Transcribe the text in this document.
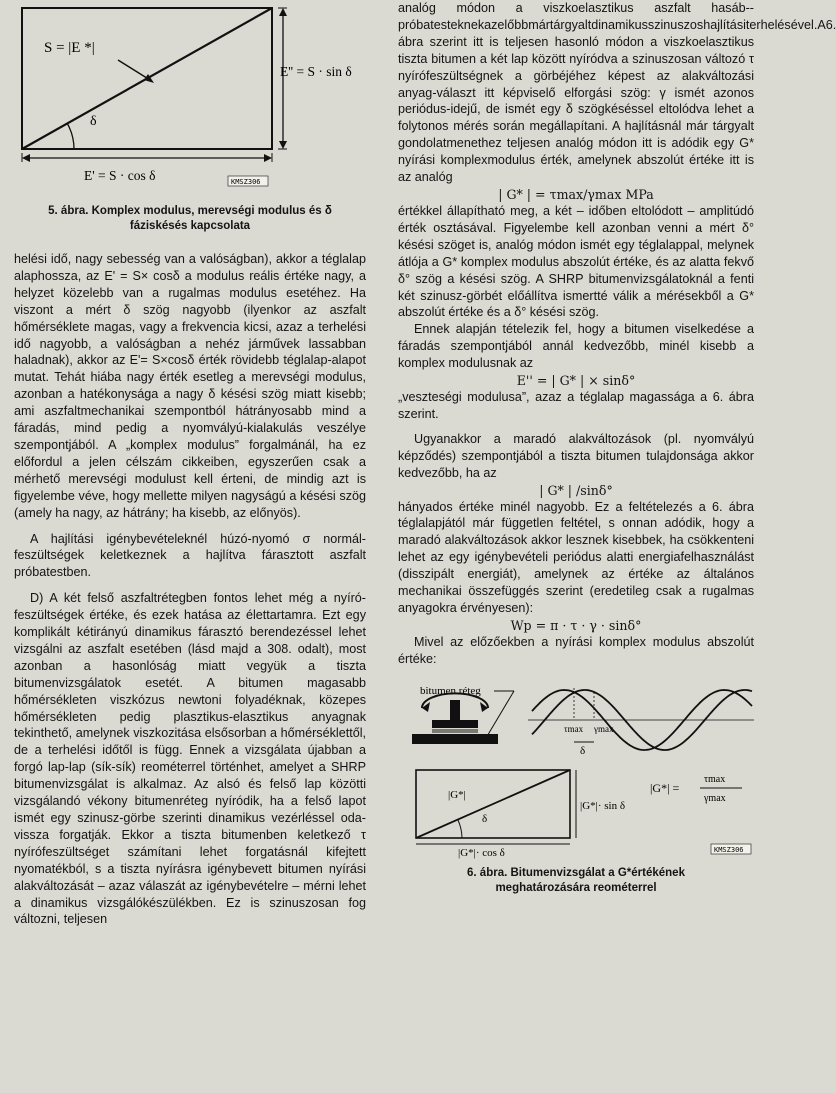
S = |E *|
δ
E'' = S · sin δ
E' = S · cos δ	KMSZ306

5. ábra. Komplex modulus, merevségi modulus és δ

fáziskésés kapcsolata

helési idő, nagy sebesség van a valóságban), akkor a téglalap alaphossza, az E' = S× cosδ a modulus reális értéke nagy, a helyzet közelebb van a rugalmas modulus esetéhez. Ha viszont a mért δ szög nagyobb (ilyenkor az aszfalt hőmérséklete magas, vagy a frekvencia kicsi, azaz a terhelési idő nagyobb, a valóságban a nehéz járművek lassabban haladnak), akkor az E'= S×cosδ érték rövidebb téglalap-alapot mutat. Tehát hiába nagy érték esetleg a merevségi modulus, azonban a hatékonysága a nagy δ késési szög miatt kisebb; ami aszfaltmechanikai szempontból hátrányosabb mind a fáradás, mind pedig a nyomvályú-kialakulás veszélye szempontjából. A „komplex modulus” forgalmánál, ha ez előfordul a jelen célszám cikkeiben, egyszerűen csak a mérhető merevségi modulust kell érteni, de mindig azt is figyelembe véve, hogy mellette milyen nagyságú a késési szög (amely ha nagy, az hátrány; ha kisebb, az előnyös).

A hajlítási igénybevételeknél húzó-nyomó σ normál-feszültségek keletkeznek a hajlítva fárasztott aszfalt próbatestben.

D) A két felső aszfaltrétegben fontos lehet még a nyíró-feszültségek értéke, és ezek hatása az élettartamra. Ezt egy komplikált kétirányú dinamikus fárasztó berendezéssel lehet vizsgálni az aszfalt esetében (lásd majd a 308. odalt), most azonban a hasonlóság miatt vegyük a tiszta bitumenvizsgálatok esetét. A bitumen magasabb hőmérsékleten viszkózus newtoni folyadéknak, közepes hőmérsékleten pedig plasztikus-elasztikus anyagnak tekinthető, amelynek viszkozitása elsősorban a hőmérséklettől, de a terhelési időtől is függ. Ennek a vizsgálata újabban a forgó lap-lap (sík-sík) reométerrel történhet, amelyet a SHRP bitumenvizsgálat is alkalmaz. Az alsó és felső lap közötti vizsgálandó vékony bitumenréteg nyíródik, ha a felső lapot ismét egy szinusz-görbe szerinti dinamikus vezérléssel oda-vissza forgatják. Ekkor a tiszta bitumenben keletkező τ nyírófeszültséget számítani lehet forgatásnál kifejtett nyomatékból, s a tiszta nyírásra igénybevett bitumen nyírási alakváltozását – azaz válaszát az igénybevételre – mérni lehet a dinamikus vizsgálókészülékben. Ez is szinuszosan fog változni, teljesen

analóg módon a viszkoelasztikus aszfalt hasáb-- próbatesteknekazelőbbmártárgyaltdinamikusszinuszoshajlításiterhelésével.A6. ábra szerint itt is teljesen hasonló módon a viszkoelasztikus tiszta bitumen a két lap között nyíródva a szinuszosan változó τ nyírófeszültségnek a görbéjéhez képest az alakváltozási anyag-választ itt képviselő elforgási szög: γ ismét azonos periódus-idejű, de ismét egy δ szögkéséssel eltolódva lehet a folytonos mérés során megállapítani. A hajlításnál már tárgyalt gondolatmenethez teljesen analóg módon itt is adódik egy G* nyírási komplexmodulus érték, amelynek abszolút értéke itt is az analóg

| G* | = τmax/γmax MPa

értékkel állapítható meg, a két – időben eltolódott – amplitúdó érték osztásával. Figyelembe kell azonban venni a mért δ° késési szöget is, analóg módon ismét egy téglalappal, melynek átlója a G* komplex modulus abszolút értéke, és az alatta fekvő δ° szög a késési szög. A SHRP bitumenvizsgálatoknál a fenti két szinusz-görbét előállítva ismertté válik a mérésekből a G* abszolút értéke és a δ° késési szög.

Ennek alapján tételezik fel, hogy a bitumen viselkedése a fáradás szempontjából annál kedvezőbb, minél kisebb a komplex modulusnak az

E'' = | G* | × sinδ°

„veszteségi modulusa”, azaz a téglalap magassága a 6. ábra szerint.

Ugyanakkor a maradó alakváltozások (pl. nyomvályú képződés) szempontjából a tiszta bitumen tulajdonsága akkor kedvezőbb, ha az

| G* | /sinδ°

hányados értéke minél nagyobb. Ez a feltételezés a 6. ábra téglalapjától már független feltétel, s onnan adódik, hogy a maradó alakváltozások akkor lesznek kisebbek, ha csökkenteni lehet az egy igénybevételi periódus alatti energiafelhasználást (disszipált energiát), amelynek az értéke az általános mechanikai összefüggés szerint (eredetileg csak a rugalmas anyagokra érvényesen):

Wp = π · τ · γ · sinδ°

Mivel az előzőekben a nyírási komplex modulus abszolút értéke:

bitumen réteg
τmax γmax
δ
|G*|
δ
|G*|· sin δ
|G*|· cos δ
|G*| =
τmax
γmax
KMSZ306

6. ábra. Bitumenvizsgálat a G*értékének

meghatározására reométerrel
